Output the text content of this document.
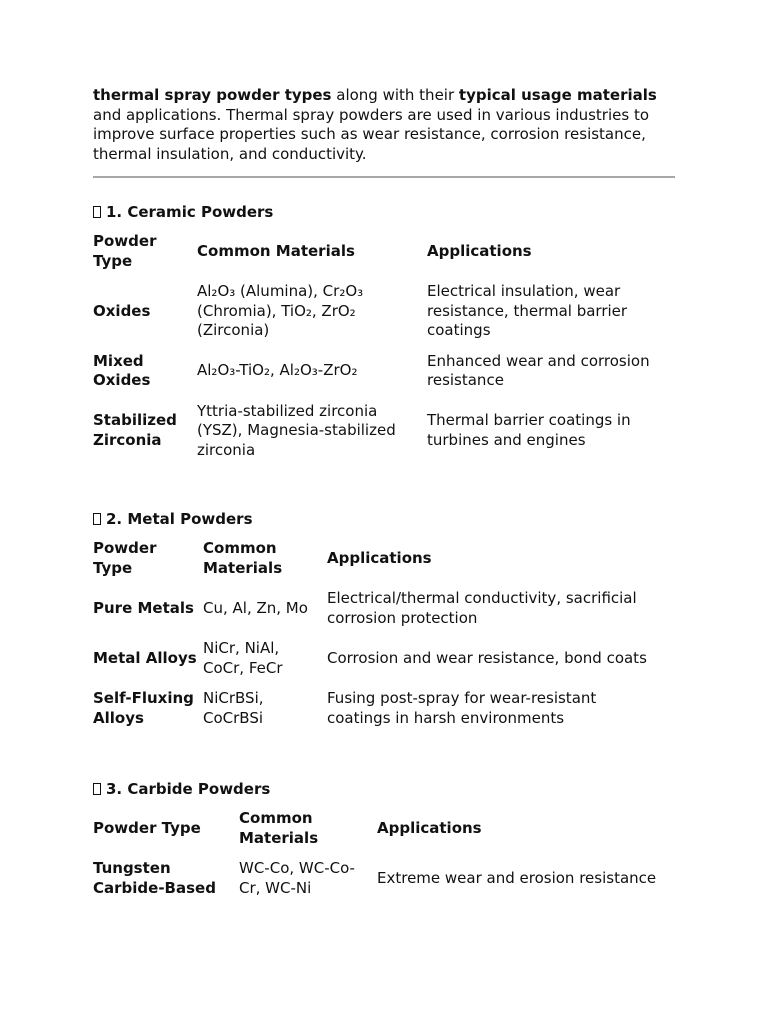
thermal spray powder types along with their typical usage materials and applications. Thermal spray powders are used in various industries to improve surface properties such as wear resistance, corrosion resistance, thermal insulation, and conductivity.

1. Ceramic Powders
Powder Type	Common Materials	Applications
Oxides	Al₂O₃ (Alumina), Cr₂O₃ (Chromia), TiO₂, ZrO₂ (Zirconia)	Electrical insulation, wear resistance, thermal barrier coatings
Mixed Oxides	Al₂O₃-TiO₂, Al₂O₃-ZrO₂	Enhanced wear and corrosion resistance
Stabilized Zirconia	Yttria-stabilized zirconia (YSZ), Magnesia-stabilized zirconia	Thermal barrier coatings in turbines and engines
2. Metal Powders
Powder Type	Common Materials	Applications
Pure Metals	Cu, Al, Zn, Mo	Electrical/thermal conductivity, sacrificial corrosion protection
Metal Alloys	NiCr, NiAl, CoCr, FeCr	Corrosion and wear resistance, bond coats
Self-Fluxing Alloys	NiCrBSi, CoCrBSi	Fusing post-spray for wear-resistant coatings in harsh environments
3. Carbide Powders
Powder Type	Common Materials	Applications
Tungsten Carbide-Based	WC-Co, WC-Co-Cr, WC-Ni	Extreme wear and erosion resistance
